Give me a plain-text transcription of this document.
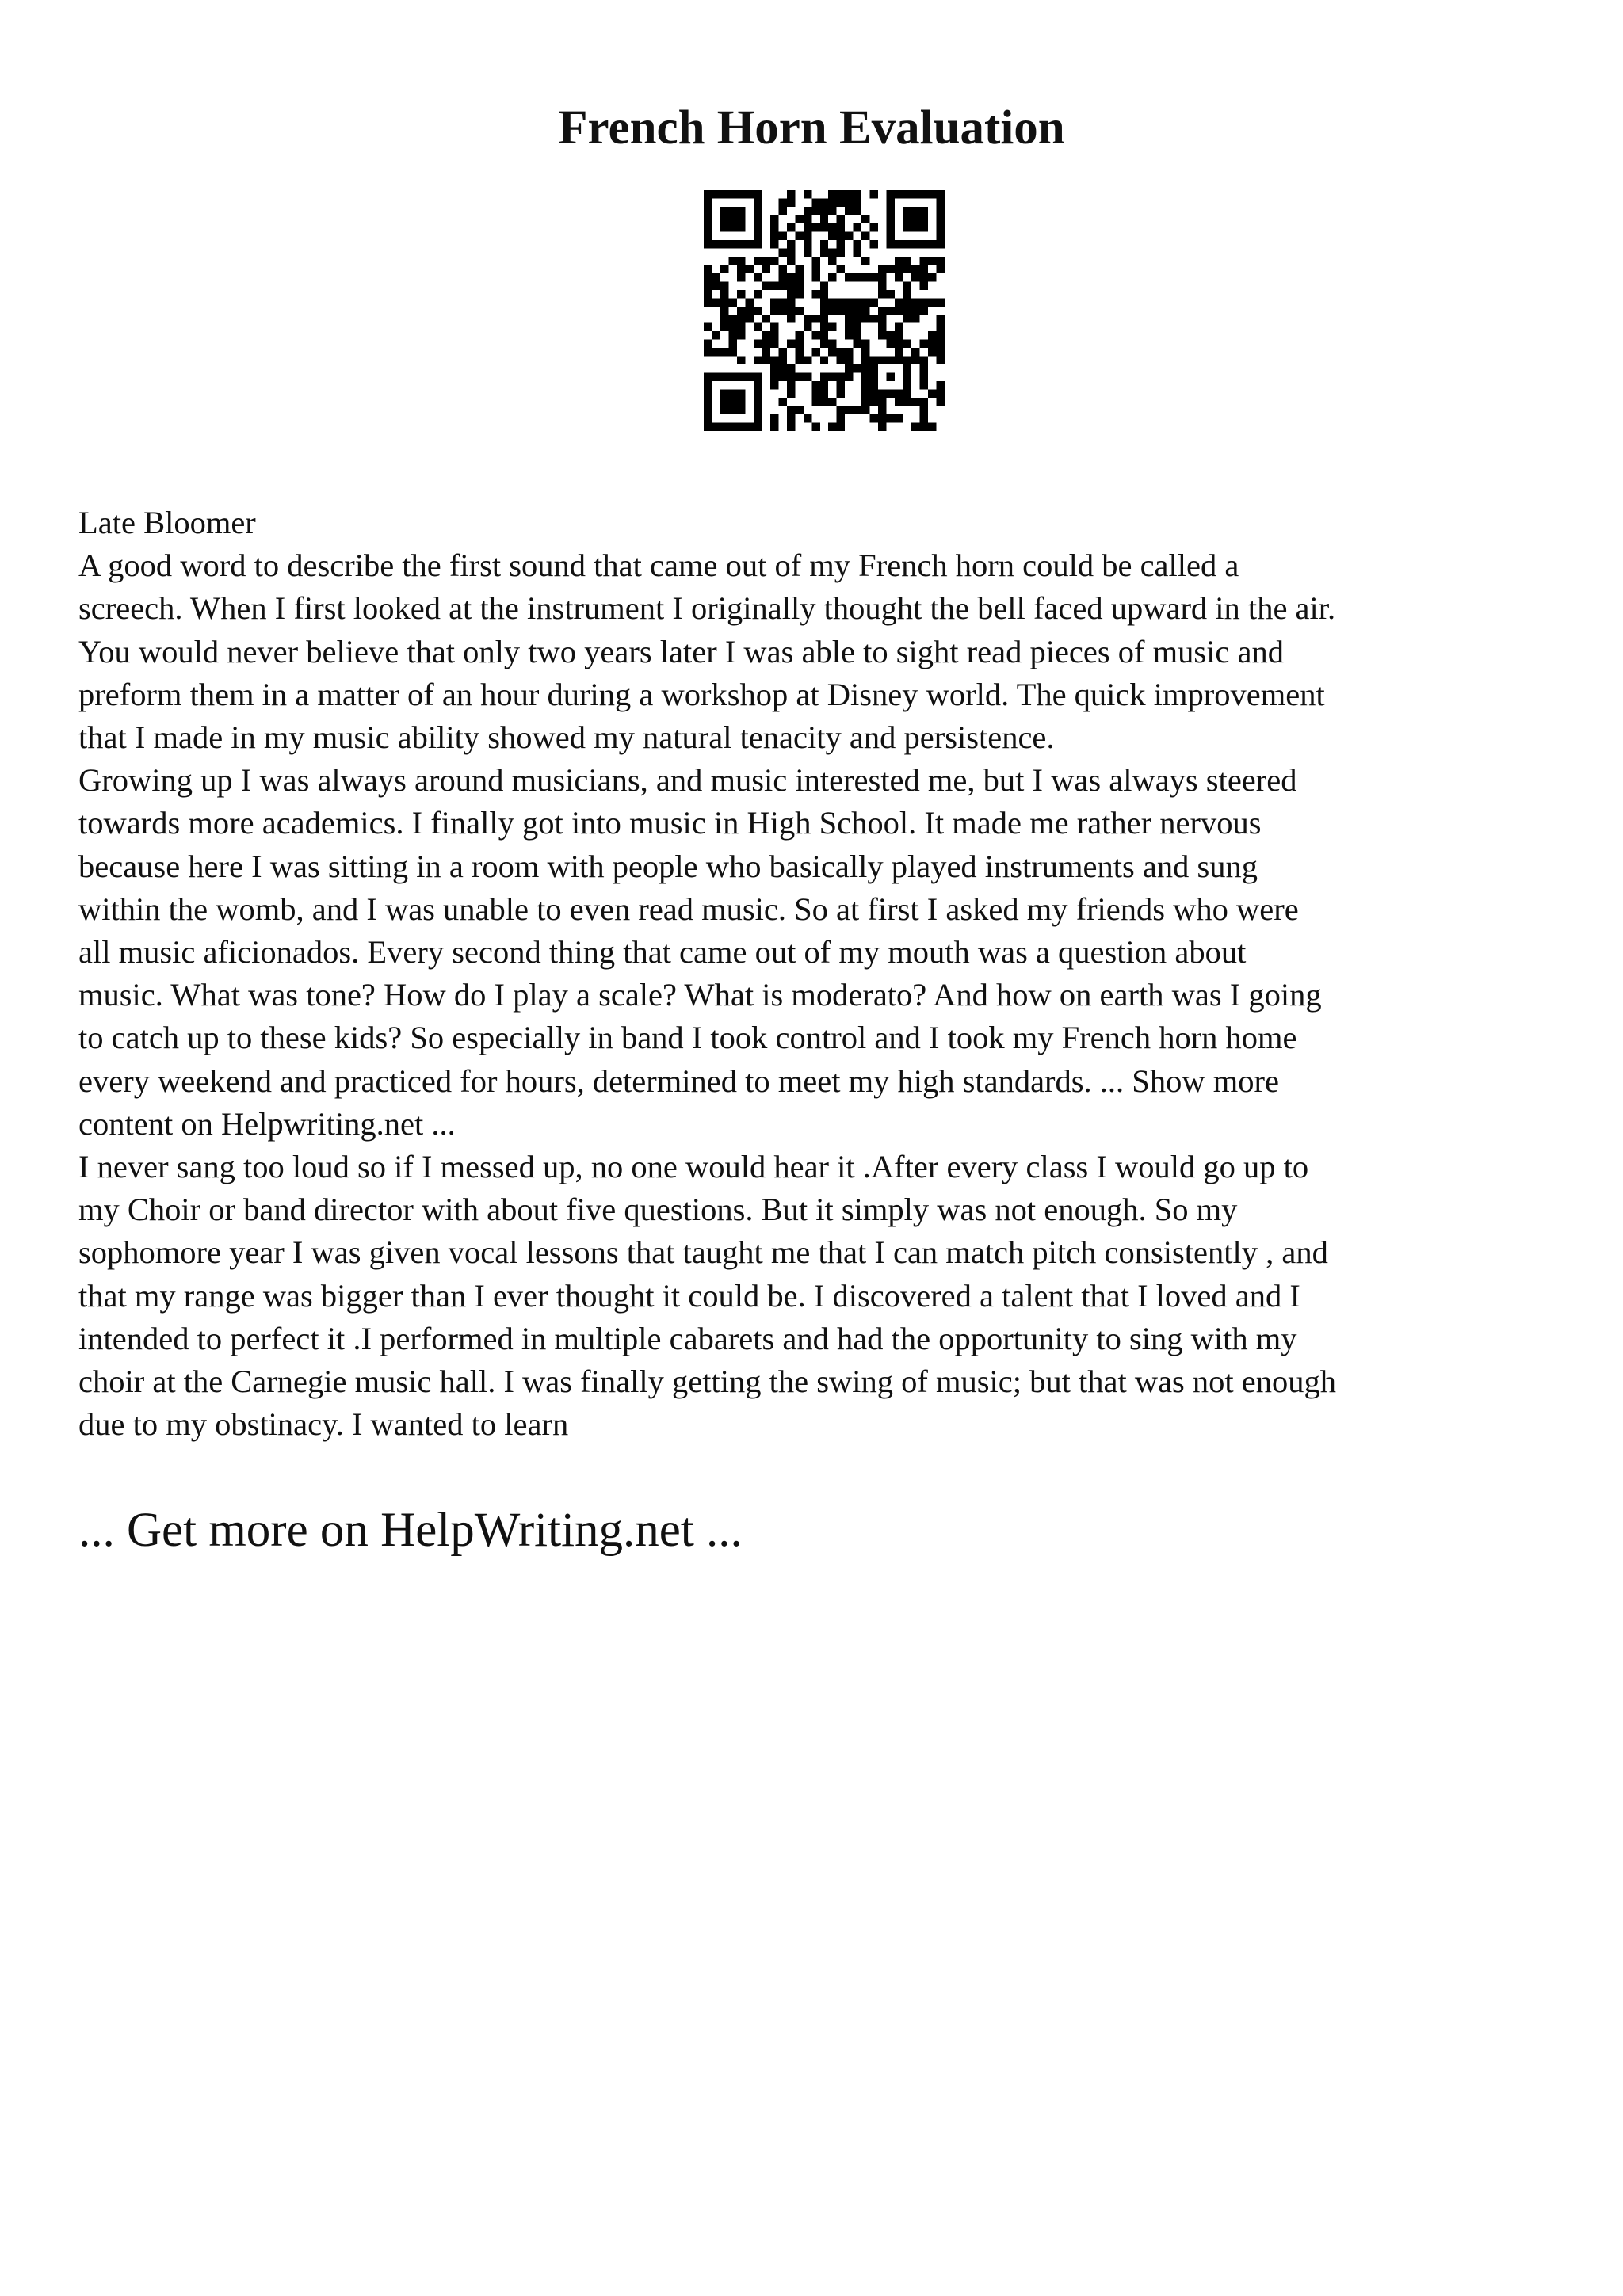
French Horn Evaluation

Late Bloomer

A good word to describe the first sound that came out of my French horn could be called a
screech. When I first looked at the instrument I originally thought the bell faced upward in the air.
You would never believe that only two years later I was able to sight read pieces of music and
preform them in a matter of an hour during a workshop at Disney world. The quick improvement
that I made in my music ability showed my natural tenacity and persistence.

Growing up I was always around musicians, and music interested me, but I was always steered
towards more academics. I finally got into music in High School. It made me rather nervous
because here I was sitting in a room with people who basically played instruments and sung
within the womb, and I was unable to even read music. So at first I asked my friends who were
all music aficionados. Every second thing that came out of my mouth was a question about
music. What was tone? How do I play a scale? What is moderato? And how on earth was I going
to catch up to these kids? So especially in band I took control and I took my French horn home
every weekend and practiced for hours, determined to meet my high standards. ... Show more
content on Helpwriting.net ...

I never sang too loud so if I messed up, no one would hear it .After every class I would go up to
my Choir or band director with about five questions. But it simply was not enough. So my
sophomore year I was given vocal lessons that taught me that I can match pitch consistently , and
that my range was bigger than I ever thought it could be. I discovered a talent that I loved and I
intended to perfect it .I performed in multiple cabarets and had the opportunity to sing with my
choir at the Carnegie music hall. I was finally getting the swing of music; but that was not enough
due to my obstinacy. I wanted to learn

... Get more on HelpWriting.net ...
